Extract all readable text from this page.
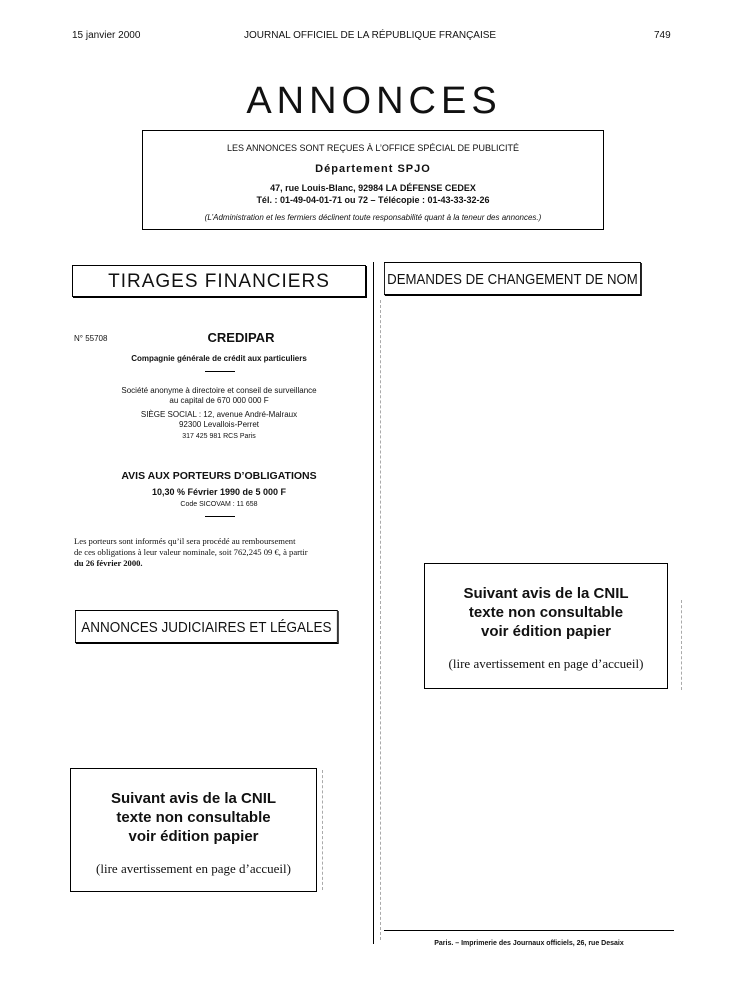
15 janvier 2000	JOURNAL OFFICIEL DE LA RÉPUBLIQUE FRANÇAISE	749
ANNONCES
LES ANNONCES SONT REÇUES À L’OFFICE SPÉCIAL DE PUBLICITÉ
Département SPJO
47, rue Louis-Blanc, 92984 LA DÉFENSE CEDEX
Tél. : 01-49-04-01-71 ou 72 – Télécopie : 01-43-33-32-26
(L’Administration et les fermiers déclinent toute responsabilité quant à la teneur des annonces.)
TIRAGES FINANCIERS	DEMANDES DE CHANGEMENT DE NOM
N° 55708	CREDIPAR
Compagnie générale de crédit aux particuliers
Société anonyme à directoire et conseil de surveillance
au capital de 670 000 000 F
SIÈGE SOCIAL : 12, avenue André-Malraux
92300 Levallois-Perret
317 425 981 RCS Paris
AVIS AUX PORTEURS D’OBLIGATIONS
10,30 % Février 1990 de 5 000 F
Code SICOVAM : 11 658
Les porteurs sont informés qu’il sera procédé au remboursement
de ces obligations à leur valeur nominale, soit 762,245 09 €, à partir
du 26 février 2000.
ANNONCES JUDICIAIRES ET LÉGALES
Suivant avis de la CNIL
texte non consultable
voir édition papier
(lire avertissement en page d’accueil)
Suivant avis de la CNIL
texte non consultable
voir édition papier
(lire avertissement en page d’accueil)
Paris. – Imprimerie des Journaux officiels, 26, rue Desaix
